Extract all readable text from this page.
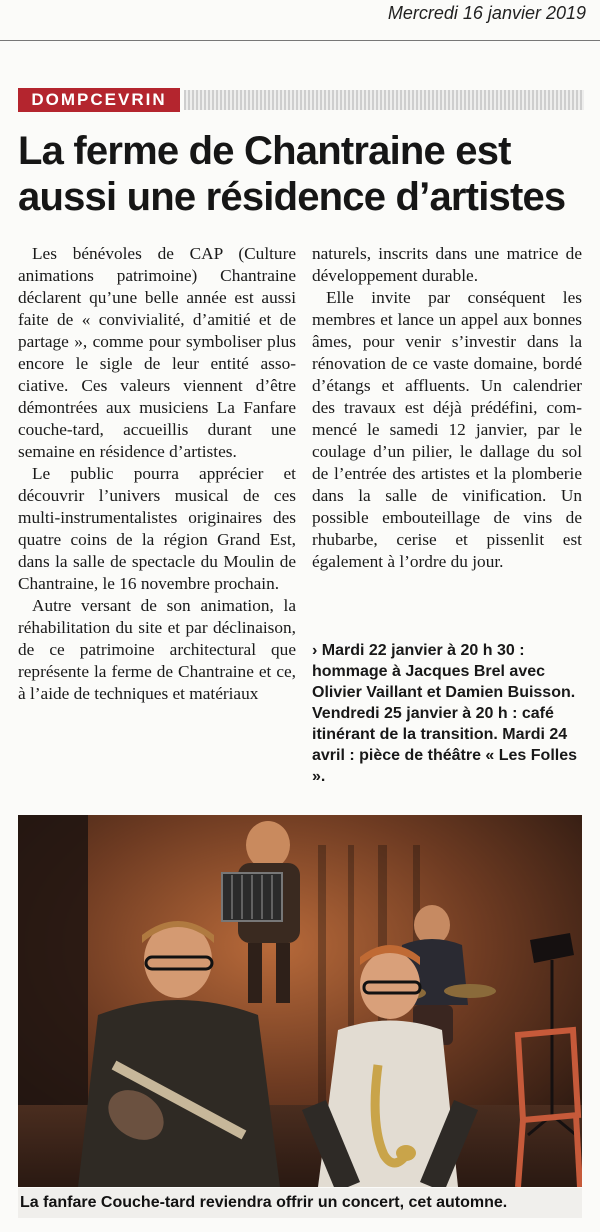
Mercredi 16 janvier 2019
DOMPCEVRIN
La ferme de Chantraine est aussi une résidence d’artistes

Les bénévoles de CAP (Culture animations patrimoine) Chantraine déclarent qu’une belle année est aussi faite de « convivialité, d’amitié et de partage », comme pour symboliser plus encore le sigle de leur entité associative. Ces valeurs viennent d’être démontrées aux musiciens La Fanfare couche-tard, accueillis durant une semaine en résidence d’artistes.

Le public pourra apprécier et découvrir l’univers musical de ces multi-instrumentalistes originaires des quatre coins de la région Grand Est, dans la salle de spectacle du Moulin de Chantraine, le 16 novembre prochain.

Autre versant de son animation, la réhabilitation du site et par déclinaison, de ce patrimoine architectural que représente la ferme de Chantraine et ce, à l’aide de techniques et matériaux

naturels, inscrits dans une matrice de développement durable.

Elle invite par conséquent les membres et lance un appel aux bonnes âmes, pour venir s’investir dans la rénovation de ce vaste domaine, bordé d’étangs et affluents. Un calendrier des travaux est déjà prédéfini, commencé le samedi 12 janvier, par le coulage d’un pilier, le dallage du sol de l’entrée des artistes et la plomberie dans la salle de vinification. Un possible embouteillage de vins de rhubarbe, cerise et pissenlit est également à l’ordre du jour.

› Mardi 22 janvier à 20 h 30 : hommage à Jacques Brel avec Olivier Vaillant et Damien Buisson. Vendredi 25 janvier à 20 h : café itinérant de la transition. Mardi 24 avril : pièce de théâtre « Les Folles ».
La fanfare Couche-tard reviendra offrir un concert, cet automne.
